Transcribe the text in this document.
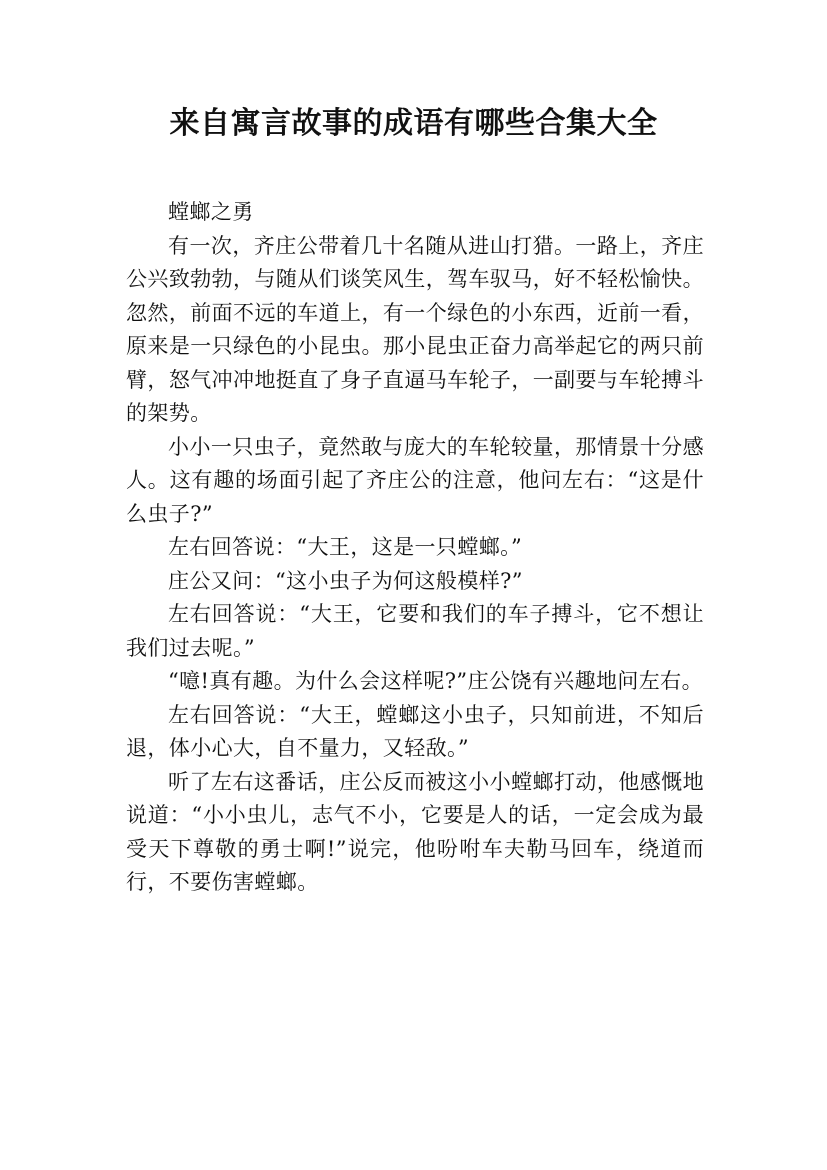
来自寓言故事的成语有哪些合集大全

螳螂之勇

有一次，齐庄公带着几十名随从进山打猎。一路上，齐庄公兴致勃勃，与随从们谈笑风生，驾车驭马，好不轻松愉快。忽然，前面不远的车道上，有一个绿色的小东西，近前一看，原来是一只绿色的小昆虫。那小昆虫正奋力高举起它的两只前臂，怒气冲冲地挺直了身子直逼马车轮子，一副要与车轮搏斗的架势。

小小一只虫子，竟然敢与庞大的车轮较量，那情景十分感人。这有趣的场面引起了齐庄公的注意，他问左右：“这是什么虫子?”

左右回答说：“大王，这是一只螳螂。”

庄公又问：“这小虫子为何这般模样?”

左右回答说：“大王，它要和我们的车子搏斗，它不想让我们过去呢。”

“噫!真有趣。为什么会这样呢?”庄公饶有兴趣地问左右。

左右回答说：“大王，螳螂这小虫子，只知前进，不知后退，体小心大，自不量力，又轻敌。”

听了左右这番话，庄公反而被这小小螳螂打动，他感慨地说道：“小小虫儿，志气不小，它要是人的话，一定会成为最受天下尊敬的勇士啊!”说完，他吩咐车夫勒马回车，绕道而行，不要伤害螳螂。
